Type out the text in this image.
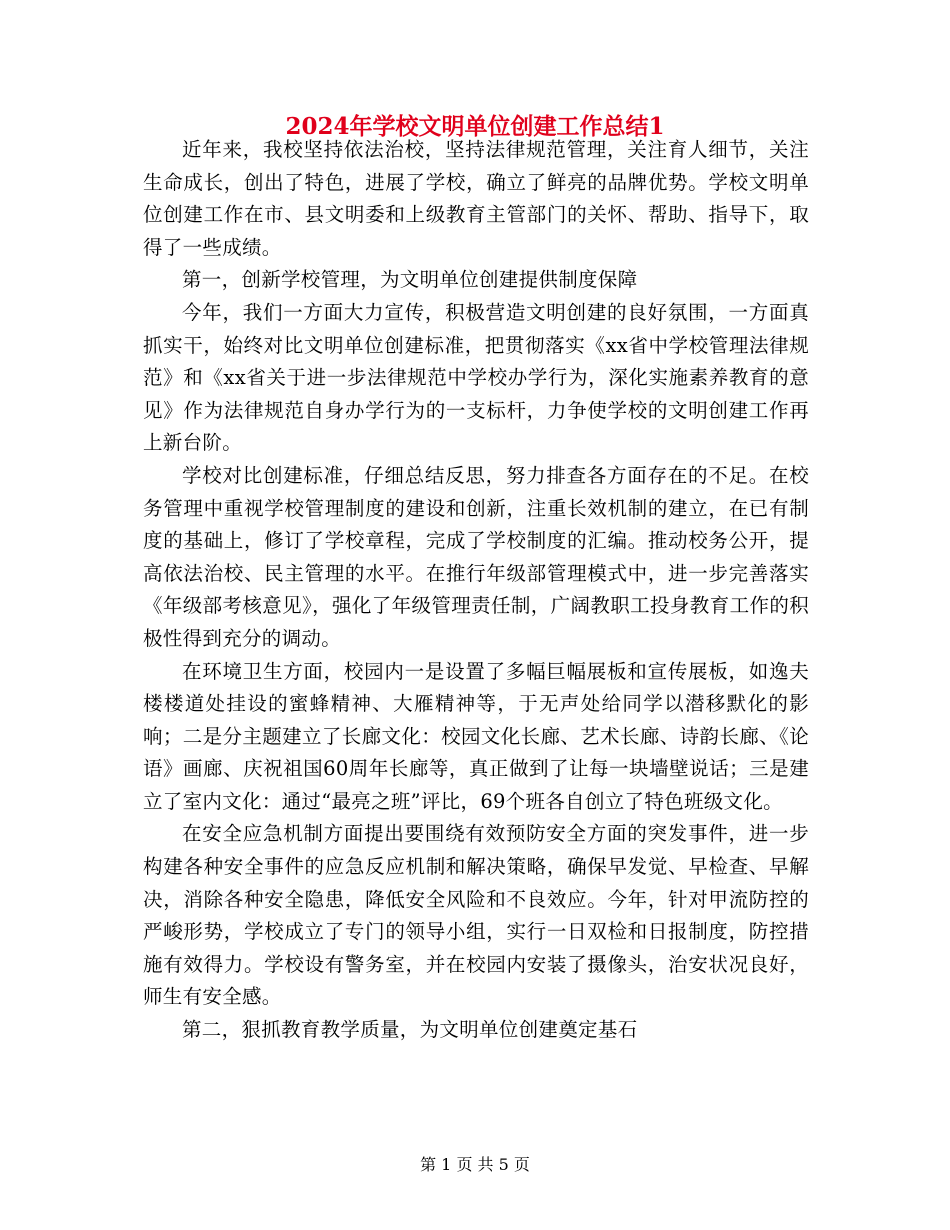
2024年学校文明单位创建工作总结1

近年来，我校坚持依法治校，坚持法律规范管理，关注育人细节，关注生命成长，创出了特色，进展了学校，确立了鲜亮的品牌优势。学校文明单位创建工作在市、县文明委和上级教育主管部门的关怀、帮助、指导下，取得了一些成绩。

第一，创新学校管理，为文明单位创建提供制度保障

今年，我们一方面大力宣传，积极营造文明创建的良好氛围，一方面真抓实干，始终对比文明单位创建标准，把贯彻落实《xx省中学校管理法律规范》和《xx省关于进一步法律规范中学校办学行为，深化实施素养教育的意见》作为法律规范自身办学行为的一支标杆，力争使学校的文明创建工作再上新台阶。

学校对比创建标准，仔细总结反思，努力排查各方面存在的不足。在校务管理中重视学校管理制度的建设和创新，注重长效机制的建立，在已有制度的基础上，修订了学校章程，完成了学校制度的汇编。推动校务公开，提高依法治校、民主管理的水平。在推行年级部管理模式中，进一步完善落实《年级部考核意见》，强化了年级管理责任制，广阔教职工投身教育工作的积极性得到充分的调动。

在环境卫生方面，校园内一是设置了多幅巨幅展板和宣传展板，如逸夫楼楼道处挂设的蜜蜂精神、大雁精神等，于无声处给同学以潜移默化的影响；二是分主题建立了长廊文化：校园文化长廊、艺术长廊、诗韵长廊、《论语》画廊、庆祝祖国60周年长廊等，真正做到了让每一块墙壁说话；三是建立了室内文化：通过“最亮之班”评比，69个班各自创立了特色班级文化。

在安全应急机制方面提出要围绕有效预防安全方面的突发事件，进一步构建各种安全事件的应急反应机制和解决策略，确保早发觉、早检查、早解决，消除各种安全隐患，降低安全风险和不良效应。今年，针对甲流防控的严峻形势，学校成立了专门的领导小组，实行一日双检和日报制度，防控措施有效得力。学校设有警务室，并在校园内安装了摄像头，治安状况良好，师生有安全感。

第二，狠抓教育教学质量，为文明单位创建奠定基石

第 1 页 共 5 页
